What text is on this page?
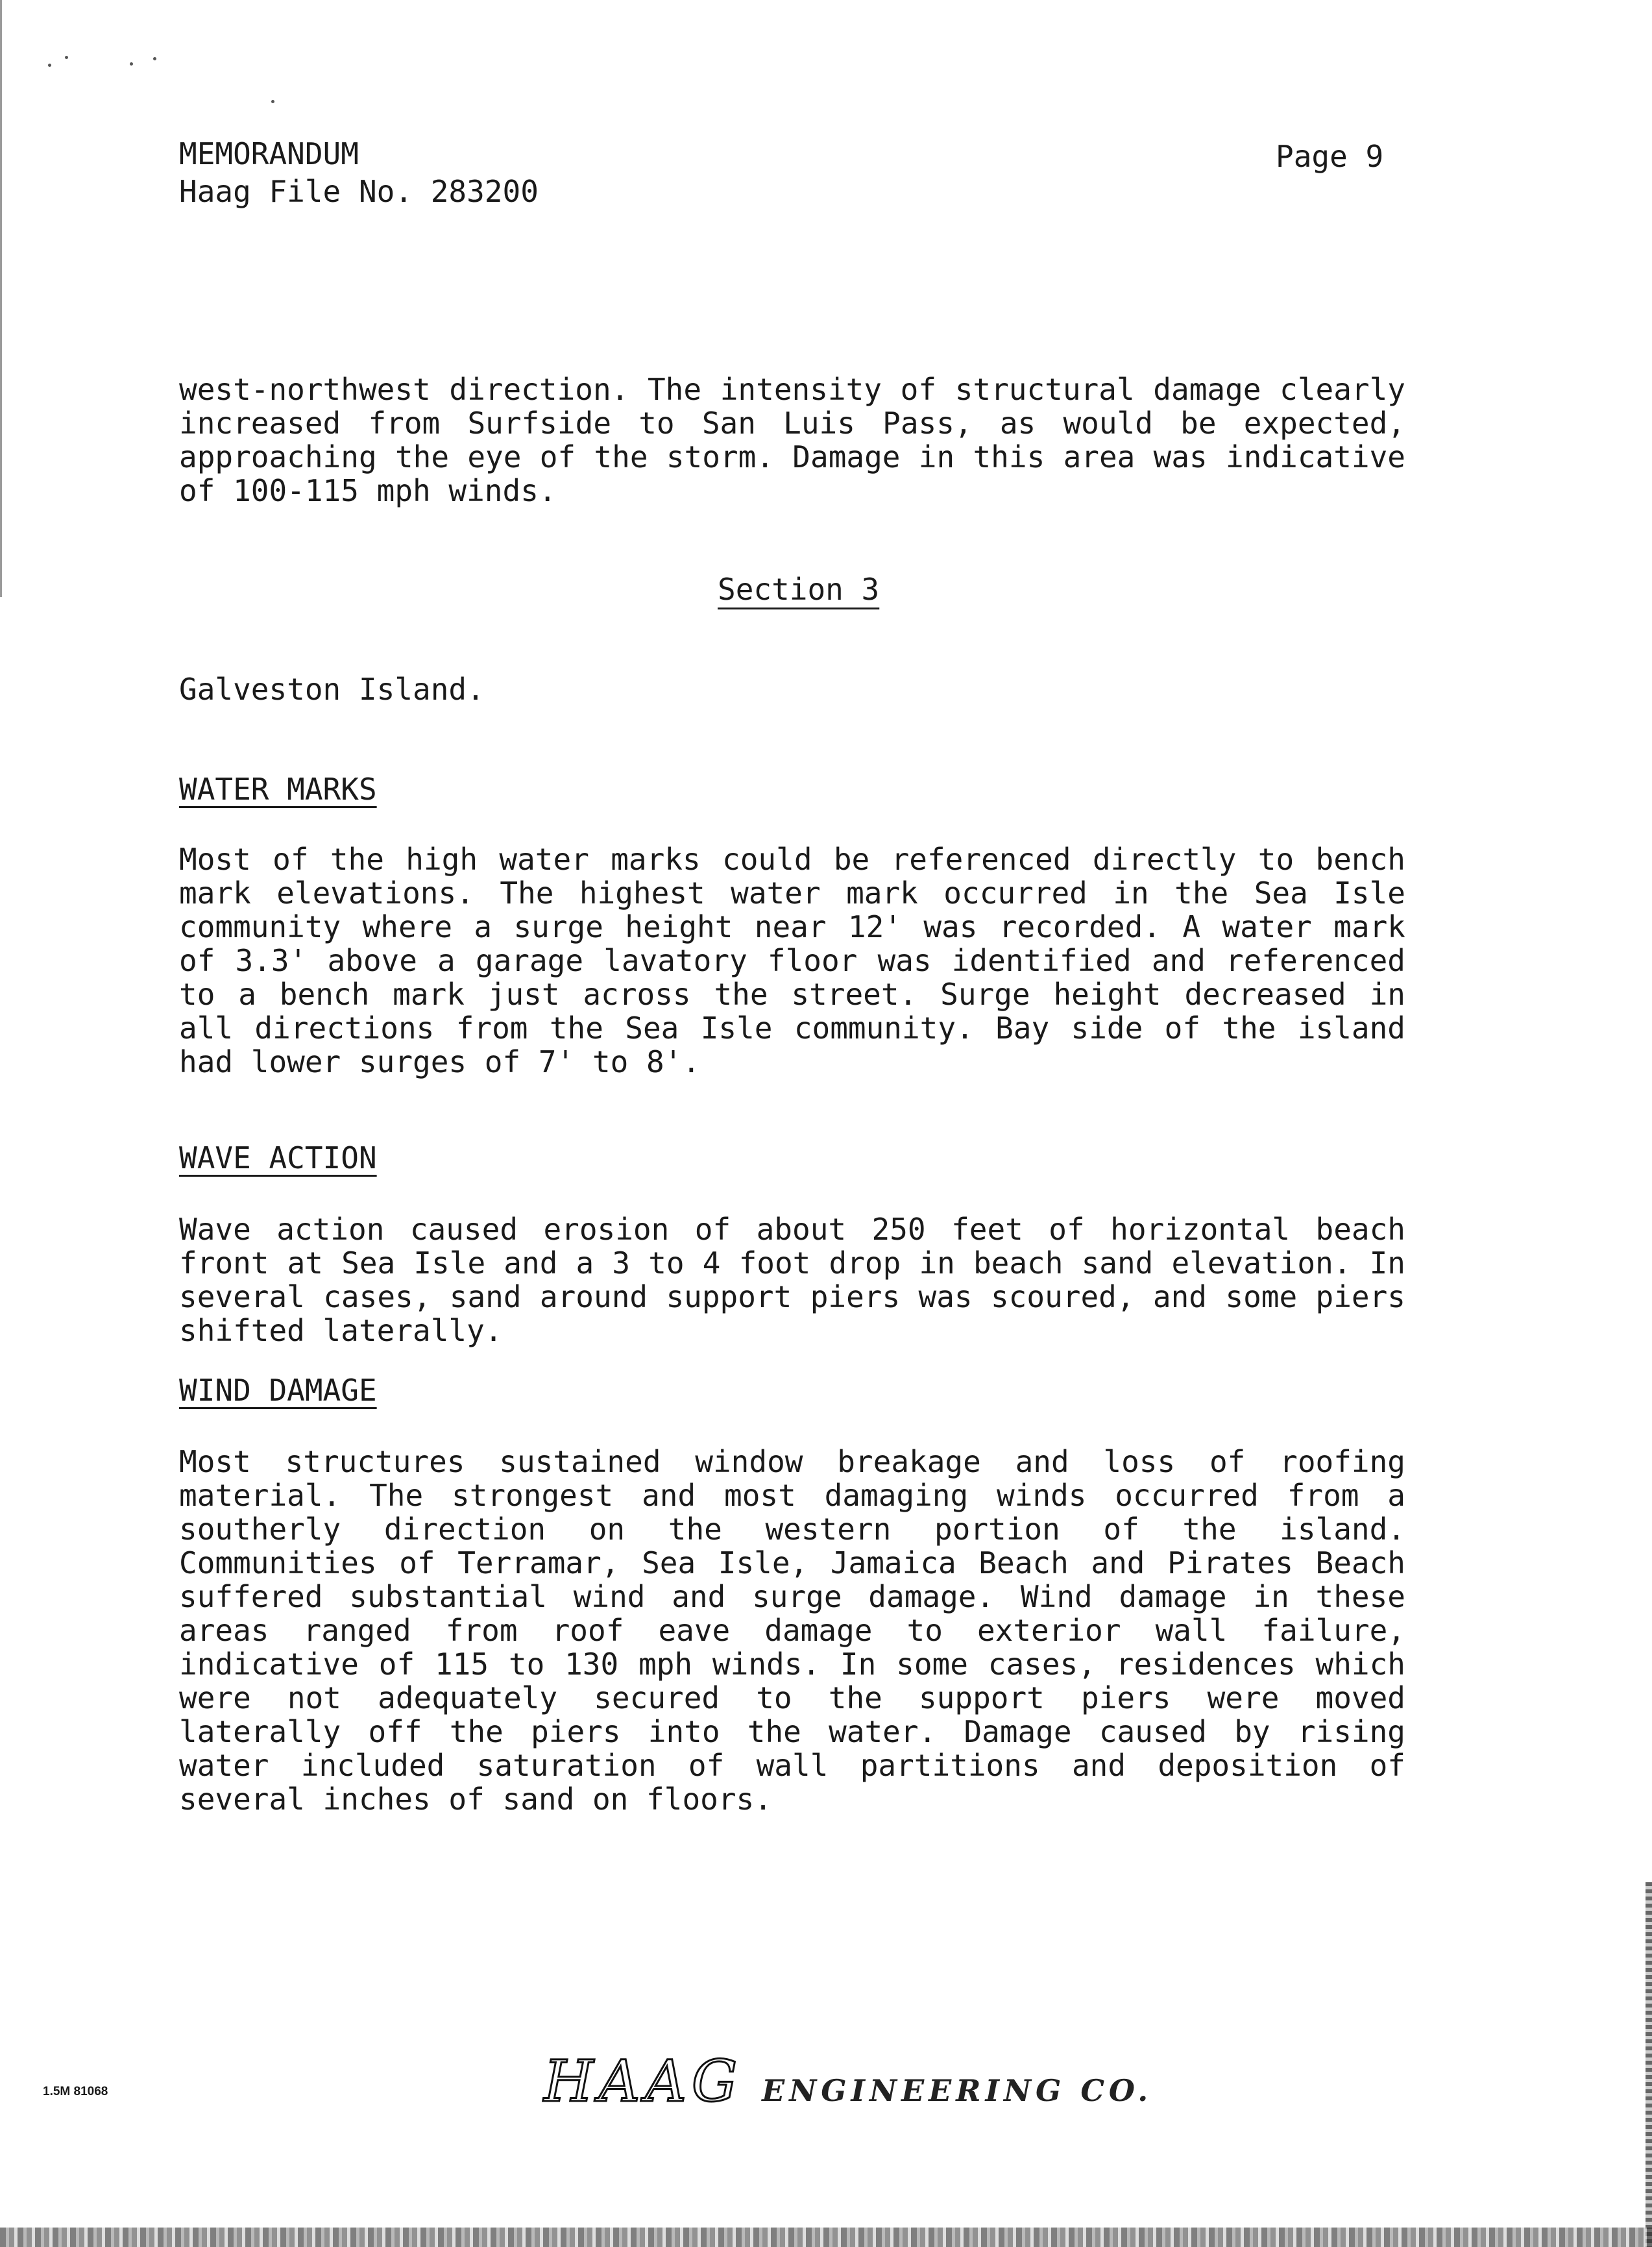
MEMORANDUM
Haag File No. 283200
Page 9

west-northwest direction. The intensity of structural damage clearly increased from Surfside to San Luis Pass, as would be expected, approaching the eye of the storm. Damage in this area was indicative of 100-115 mph winds.

Section 3
Galveston Island.
WATER MARKS

Most of the high water marks could be referenced directly to bench mark elevations. The highest water mark occurred in the Sea Isle community where a surge height near 12' was recorded. A water mark of 3.3' above a garage lavatory floor was identified and referenced to a bench mark just across the street. Surge height decreased in all directions from the Sea Isle community. Bay side of the island had lower surges of 7' to 8'.

WAVE ACTION

Wave action caused erosion of about 250 feet of horizontal beach front at Sea Isle and a 3 to 4 foot drop in beach sand elevation. In several cases, sand around support piers was scoured, and some piers shifted laterally.

WIND DAMAGE

Most structures sustained window breakage and loss of roofing material. The strongest and most damaging winds occurred from a southerly direction on the western portion of the island. Communities of Terramar, Sea Isle, Jamaica Beach and Pirates Beach suffered substantial wind and surge damage. Wind damage in these areas ranged from roof eave damage to exterior wall failure, indicative of 115 to 130 mph winds. In some cases, residences which were not adequately secured to the support piers were moved laterally off the piers into the water. Damage caused by rising water included saturation of wall partitions and deposition of several inches of sand on floors.

1.5M 81068	HAAG ENGINEERING CO.
